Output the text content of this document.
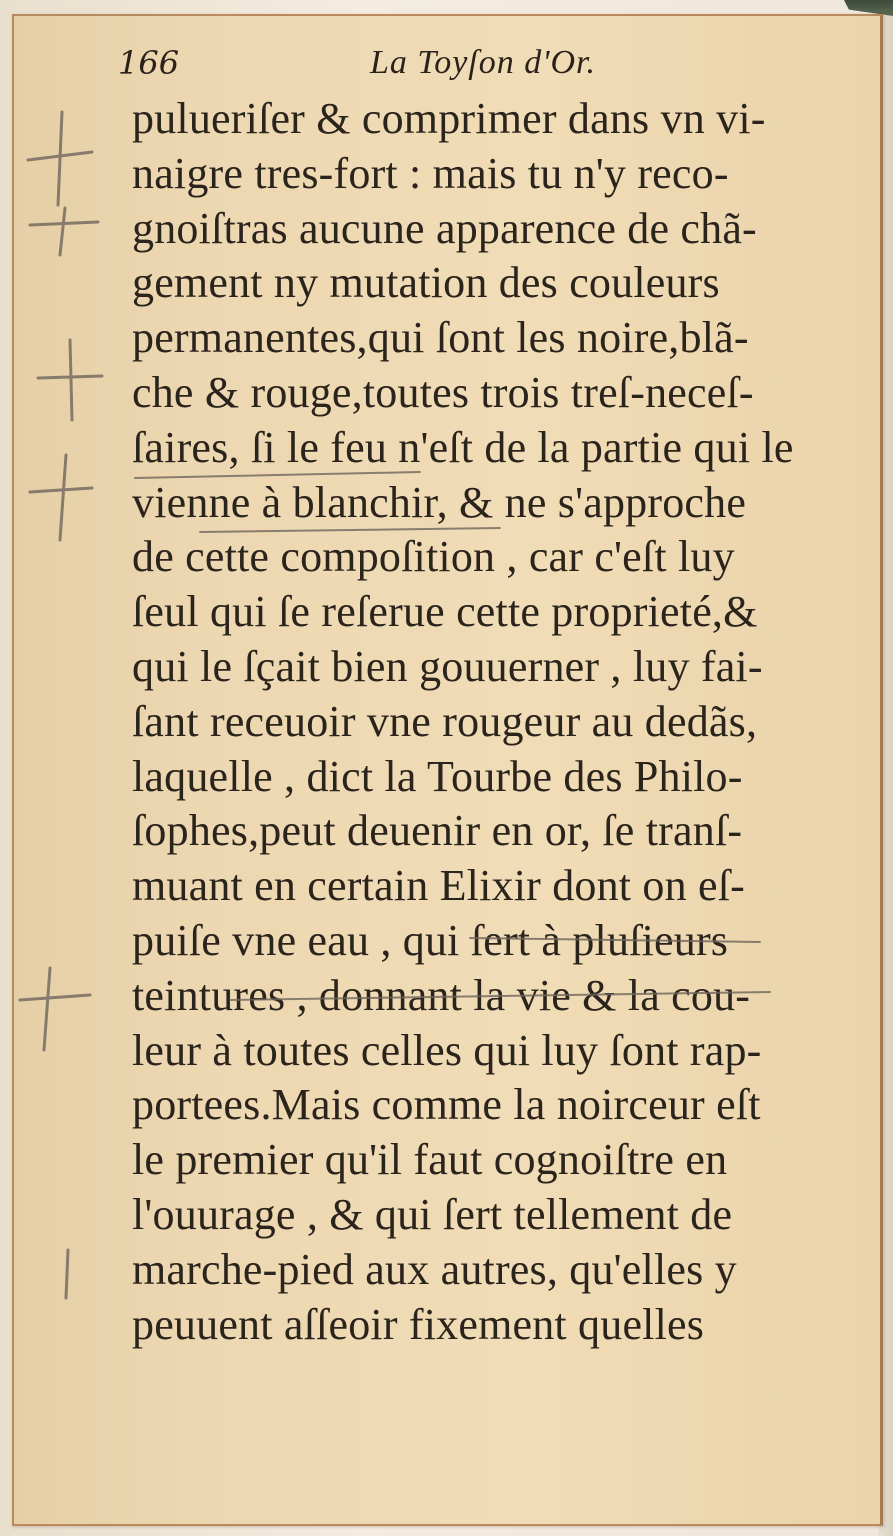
166	La Toyſon d'Or.
pulueriſer & comprimer dans vn vi-
naigre tres-fort : mais tu n'y reco-
gnoiſtras aucune apparence de chã-
gement ny mutation des couleurs
permanentes,qui ſont les noire,blã-
che & rouge,toutes trois treſ-neceſ-
ſaires, ſi le feu n'eſt de la partie qui le
vienne à blanchir, & ne s'approche
de cette compoſition , car c'eſt luy
ſeul qui ſe reſerue cette proprieté,&
qui le ſçait bien gouuerner , luy fai-
ſant receuoir vne rougeur au dedãs,
laquelle , dict la Tourbe des Philo-
ſophes,peut deuenir en or, ſe tranſ-
muant en certain Elixir dont on eſ-
puiſe vne eau , qui ſert à pluſieurs
teintures , donnant la vie & la cou-
leur à toutes celles qui luy ſont rap-
portees.Mais comme la noirceur eſt
le premier qu'il faut cognoiſtre en
l'ouurage , & qui ſert tellement de
marche-pied aux autres, qu'elles y
peuuent aſſeoir fixement quelles
